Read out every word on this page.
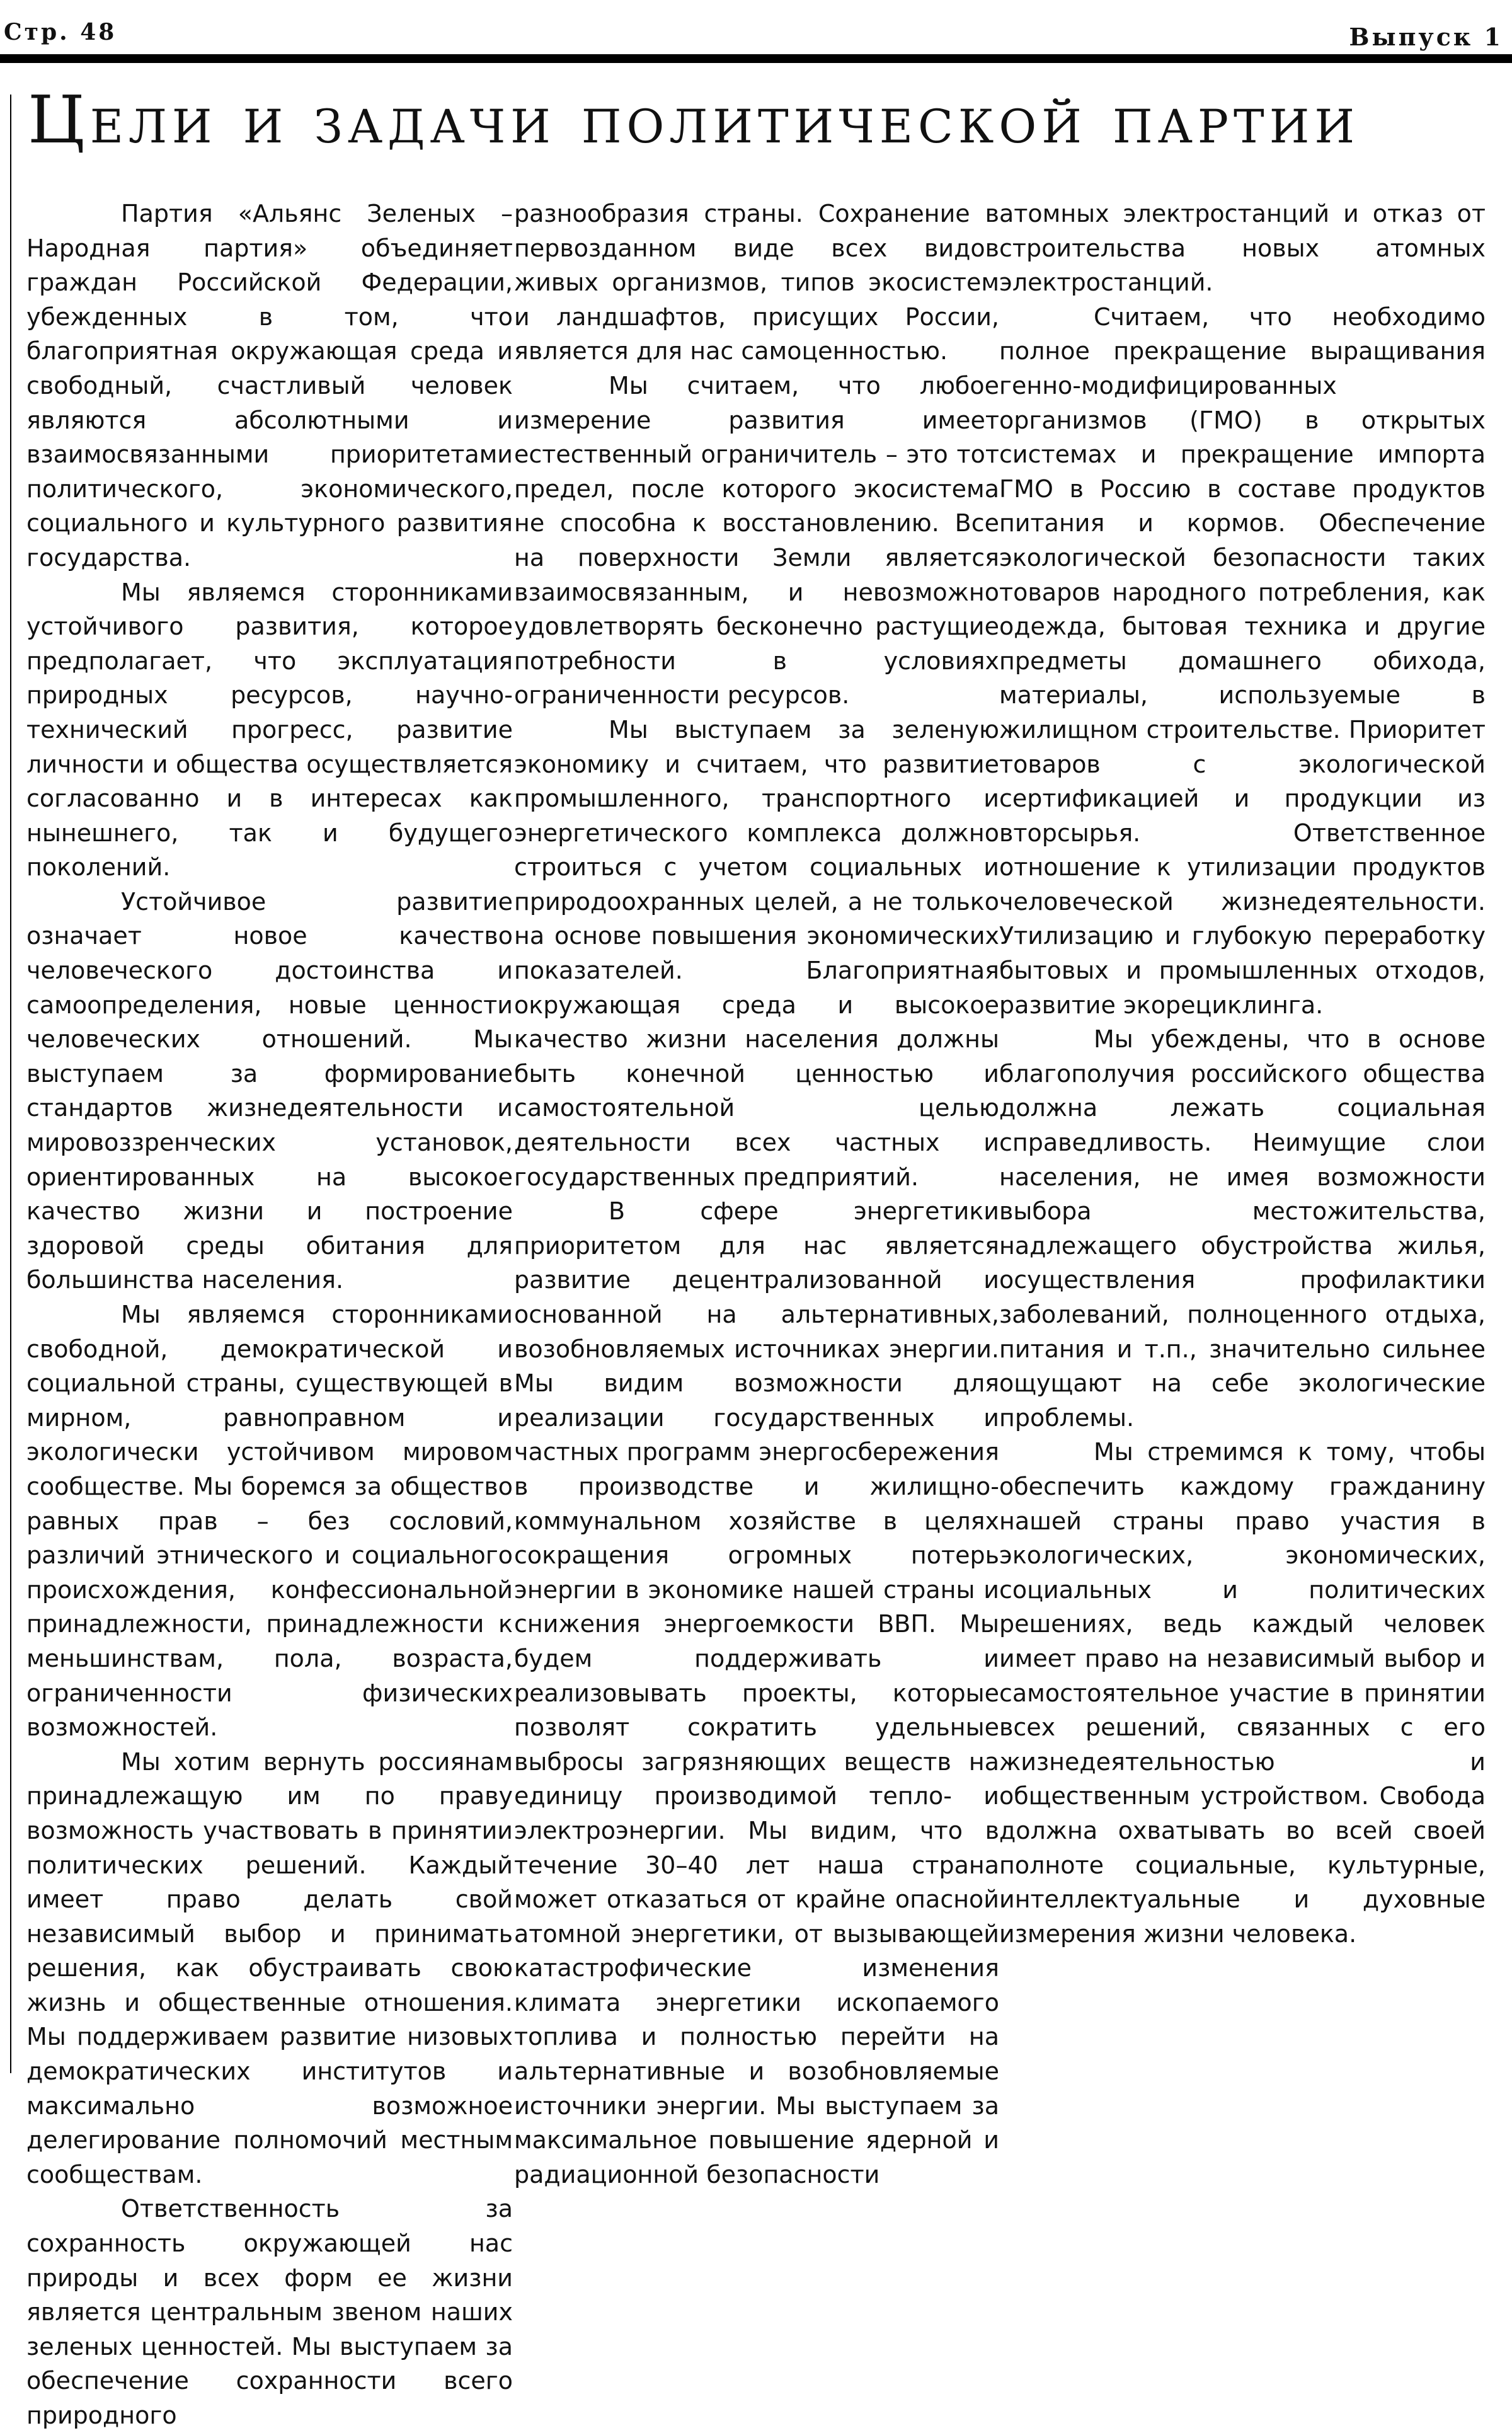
Стр. 48	Выпуск 1
Цели и задачи политической партии

Партия «Альянс Зеленых – Народная партия» объединяет граждан Российской Федерации, убежденных в том, что благоприятная окружающая среда и свободный, счастливый человек являются абсолютными и взаимосвязанными приоритетами политического, экономического, социального и культурного развития государства.

Мы являемся сторонниками устойчивого развития, которое предполагает, что эксплуатация природных ресурсов, научно-технический прогресс, развитие личности и общества осуществляется согласованно и в интересах как нынешнего, так и будущего поколений.

Устойчивое развитие означает новое качество человеческого достоинства и самоопределения, новые ценности человеческих отношений. Мы выступаем за формирование стандартов жизнедеятельности и мировоззренческих установок, ориентированных на высокое качество жизни и построение здоровой среды обитания для большинства населения.

Мы являемся сторонниками свободной, демократической и социальной страны, существующей в мирном, равноправном и экологически устойчивом мировом сообществе. Мы боремся за общество равных прав – без сословий, различий этнического и социального происхождения, конфессиональной принадлежности, принадлежности к меньшинствам, пола, возраста, ограниченности физических возможностей.

Мы хотим вернуть россиянам принадлежащую им по праву возможность участвовать в принятии политических решений. Каждый имеет право делать свой независимый выбор и принимать решения, как обустраивать свою жизнь и общественные отношения. Мы поддерживаем развитие низовых демократических институтов и максимально возможное делегирование полномочий местным сообществам.

Ответственность за сохранность окружающей нас природы и всех форм ее жизни является центральным звеном наших зеленых ценностей. Мы выступаем за обеспечение сохранности всего природного

разнообразия страны. Сохранение в первозданном виде всех видов живых организмов, типов экосистем и ландшафтов, присущих России, является для нас самоценностью.

Мы считаем, что любое измерение развития имеет естественный ограничитель – это тот предел, после которого экосистема не способна к восстановлению. Все на поверхности Земли является взаимосвязанным, и невозможно удовлетворять бесконечно растущие потребности в условиях ограниченности ресурсов.

Мы выступаем за зеленую экономику и считаем, что развитие промышленного, транспортного и энергетического комплекса должно строиться с учетом социальных и природоохранных целей, а не только на основе повышения экономических показателей. Благоприятная окружающая среда и высокое качество жизни населения должны быть конечной ценностью и самостоятельной целью деятельности всех частных и государственных предприятий.

В сфере энергетики приоритетом для нас является развитие децентрализованной и основанной на альтернативных, возобновляемых источниках энергии. Мы видим возможности для реализации государственных и частных программ энергосбережения в производстве и жилищно-коммунальном хозяйстве в целях сокращения огромных потерь энергии в экономике нашей страны и снижения энергоемкости ВВП. Мы будем поддерживать и реализовывать проекты, которые позволят сократить удельные выбросы загрязняющих веществ на единицу производимой тепло- и электроэнергии. Мы видим, что в течение 30–40 лет наша страна может отказаться от крайне опасной атомной энергетики, от вызывающей катастрофические изменения климата энергетики ископаемого топлива и полностью перейти на альтернативные и возобновляемые источники энергии. Мы выступаем за максимальное повышение ядерной и радиационной безопасности

атомных электростанций и отказ от строительства новых атомных электростанций.

Считаем, что необходимо полное прекращение выращивания генно-модифицированных организмов (ГМО) в открытых системах и прекращение импорта ГМО в Россию в составе продуктов питания и кормов. Обеспечение экологической безопасности таких товаров народного потребления, как одежда, бытовая техника и другие предметы домашнего обихода, материалы, используемые в жилищном строительстве. Приоритет товаров с экологической сертификацией и продукции из вторсырья. Ответственное отношение к утилизации продуктов человеческой жизнедеятельности. Утилизацию и глубокую переработку бытовых и промышленных отходов, развитие экорециклинга.

Мы убеждены, что в основе благополучия российского общества должна лежать социальная справедливость. Неимущие слои населения, не имея возможности выбора местожительства, надлежащего обустройства жилья, осуществления профилактики заболеваний, полноценного отдыха, питания и т.п., значительно сильнее ощущают на себе экологические проблемы.

Мы стремимся к тому, чтобы обеспечить каждому гражданину нашей страны право участия в экологических, экономических, социальных и политических решениях, ведь каждый человек имеет право на независимый выбор и самостоятельное участие в принятии всех решений, связанных с его жизнедеятельностью и общественным устройством. Свобода должна охватывать во всей своей полноте социальные, культурные, интеллектуальные и духовные измерения жизни человека.
